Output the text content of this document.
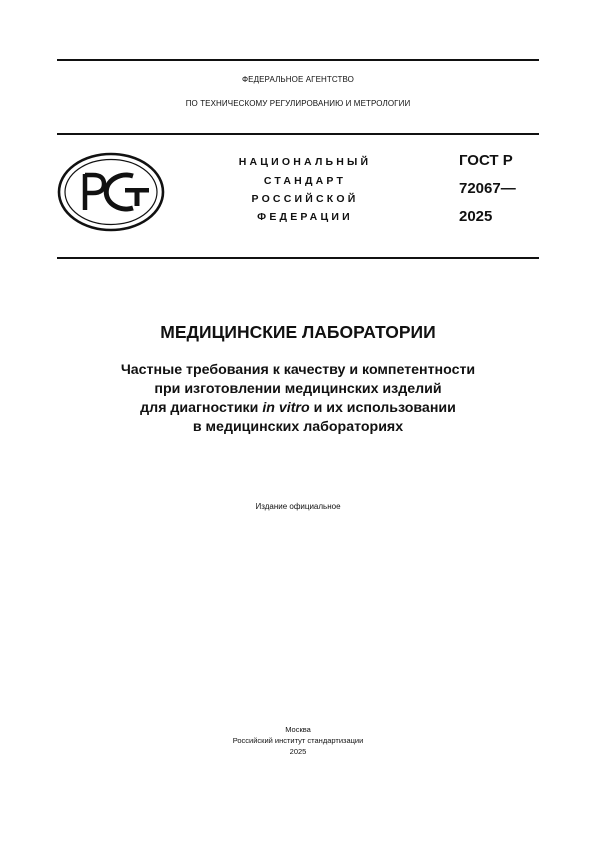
ФЕДЕРАЛЬНОЕ АГЕНТСТВО
ПО ТЕХНИЧЕСКОМУ РЕГУЛИРОВАНИЮ И МЕТРОЛОГИИ
НАЦИОНАЛЬНЫЙ
СТАНДАРТ
РОССИЙСКОЙ
ФЕДЕРАЦИИ
ГОСТ Р
72067—
2025
МЕДИЦИНСКИЕ ЛАБОРАТОРИИ
Частные требования к качеству и компетентности
при изготовлении медицинских изделий
для диагностики in vitro и их использовании
в медицинских лабораториях
Издание официальное
Москва
Российский институт стандартизации
2025
